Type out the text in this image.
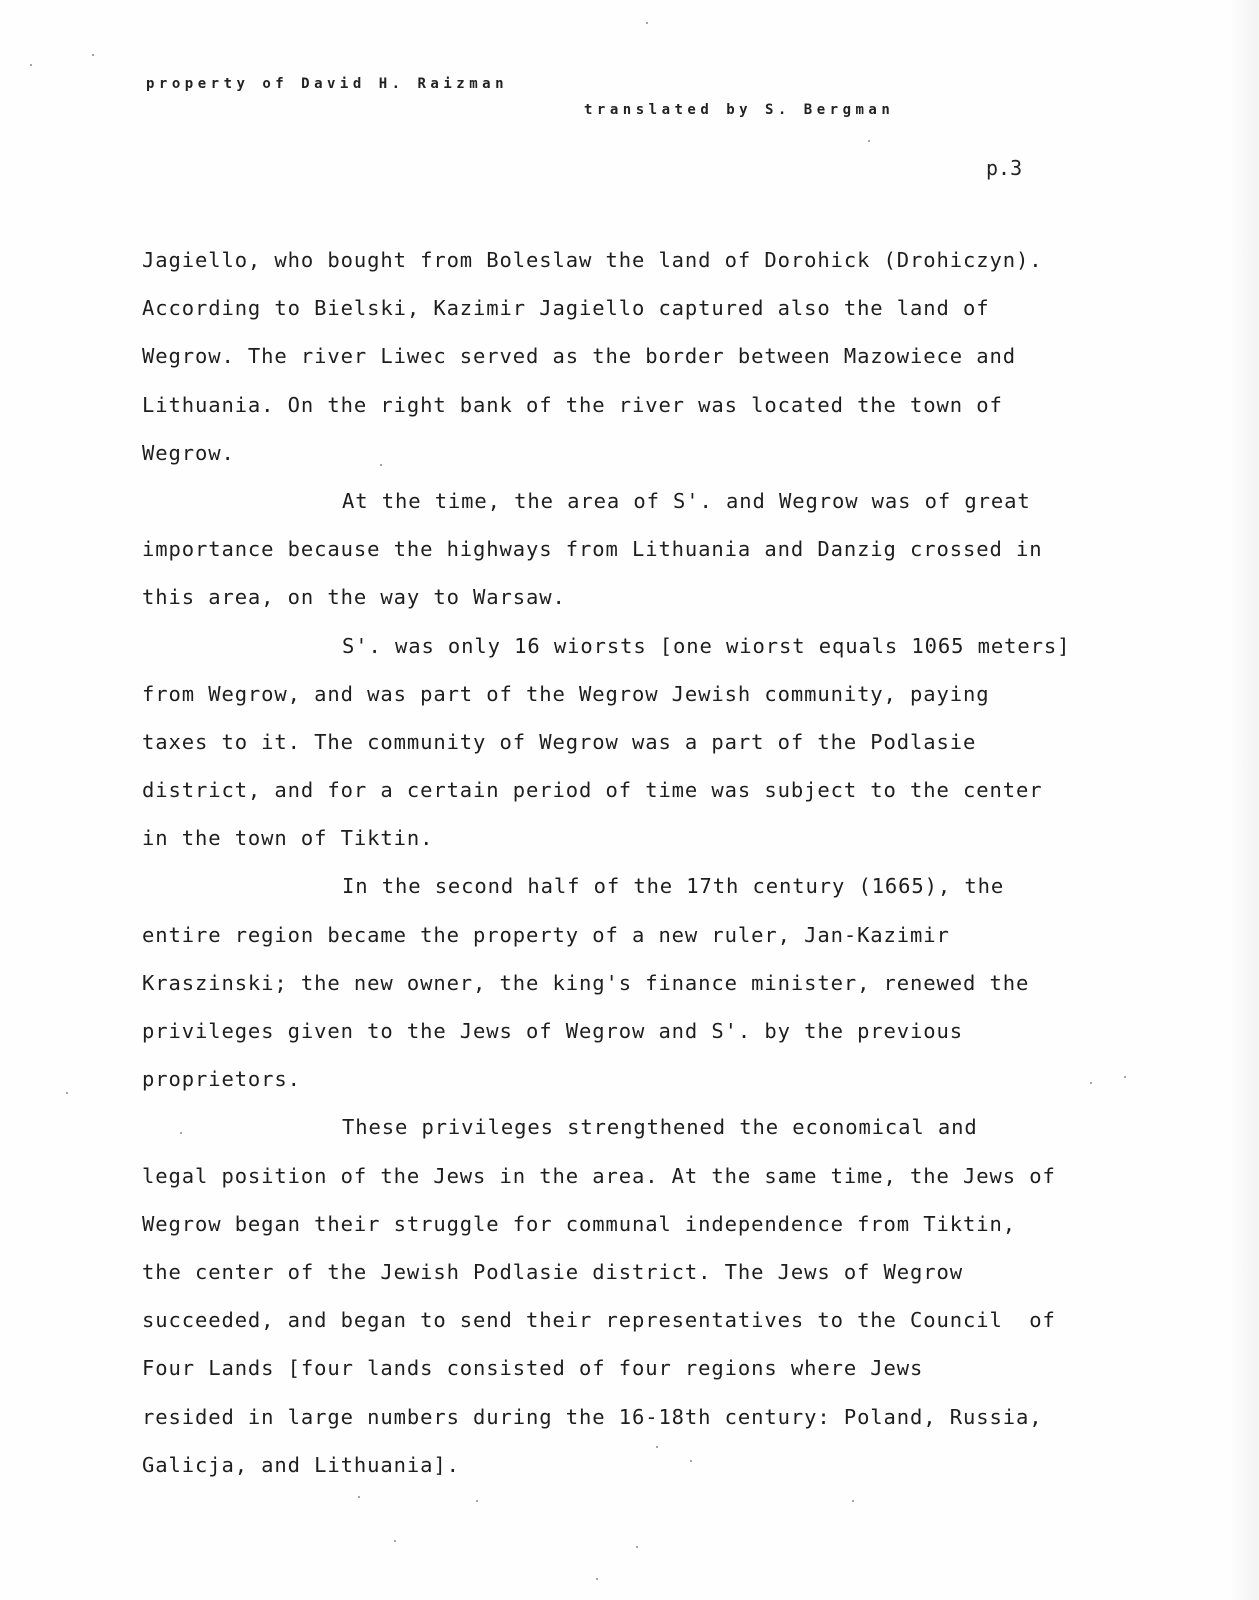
property of David H. Raizman
translated by S. Bergman
p.3
Jagiello, who bought from Boleslaw the land of Dorohick (Drohiczyn).
According to Bielski, Kazimir Jagiello captured also the land of
Wegrow. The river Liwec served as the border between Mazowiece and
Lithuania. On the right bank of the river was located the town of
Wegrow.
At the time, the area of S'. and Wegrow was of great
importance because the highways from Lithuania and Danzig crossed in
this area, on the way to Warsaw.
S'. was only 16 wiorsts [one wiorst equals 1065 meters]
from Wegrow, and was part of the Wegrow Jewish community, paying
taxes to it. The community of Wegrow was a part of the Podlasie
district, and for a certain period of time was subject to the center
in the town of Tiktin.
In the second half of the 17th century (1665), the
entire region became the property of a new ruler, Jan-Kazimir
Kraszinski; the new owner, the king's finance minister, renewed the
privileges given to the Jews of Wegrow and S'. by the previous
proprietors.
These privileges strengthened the economical and
legal position of the Jews in the area. At the same time, the Jews of
Wegrow began their struggle for communal independence from Tiktin,
the center of the Jewish Podlasie district. The Jews of Wegrow
succeeded, and began to send their representatives to the Council  of
Four Lands [four lands consisted of four regions where Jews
resided in large numbers during the 16-18th century: Poland, Russia,
Galicja, and Lithuania].
